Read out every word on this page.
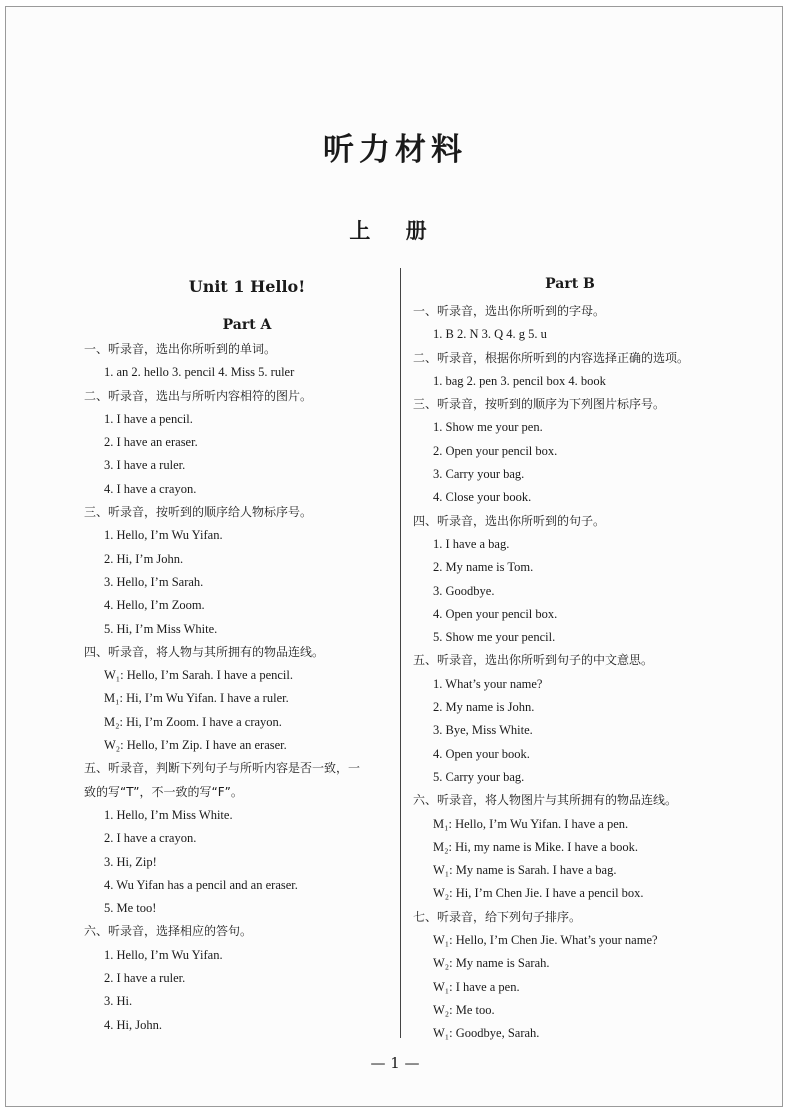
听力材料
上 册
Unit 1 Hello!
Part A
一、听录音，选出你所听到的单词。
1. an 2. hello 3. pencil 4. Miss 5. ruler
二、听录音，选出与所听内容相符的图片。
1. I have a pencil.
2. I have an eraser.
3. I have a ruler.
4. I have a crayon.
三、听录音，按听到的顺序给人物标序号。
1. Hello, I’m Wu Yifan.
2. Hi, I’m John.
3. Hello, I’m Sarah.
4. Hello, I’m Zoom.
5. Hi, I’m Miss White.
四、听录音，将人物与其所拥有的物品连线。
W₁: Hello, I’m Sarah. I have a pencil.
M₁: Hi, I’m Wu Yifan. I have a ruler.
M₂: Hi, I’m Zoom. I have a crayon.
W₂: Hello, I’m Zip. I have an eraser.
五、听录音，判断下列句子与所听内容是否一致，一
致的写“T”，不一致的写“F”。
1. Hello, I’m Miss White.
2. I have a crayon.
3. Hi, Zip!
4. Wu Yifan has a pencil and an eraser.
5. Me too!
六、听录音，选择相应的答句。
1. Hello, I’m Wu Yifan.
2. I have a ruler.
3. Hi.
4. Hi, John.
Part B
一、听录音，选出你所听到的字母。
1. B 2. N 3. Q 4. g 5. u
二、听录音，根据你所听到的内容选择正确的选项。
1. bag 2. pen 3. pencil box 4. book
三、听录音，按听到的顺序为下列图片标序号。
1. Show me your pen.
2. Open your pencil box.
3. Carry your bag.
4. Close your book.
四、听录音，选出你所听到的句子。
1. I have a bag.
2. My name is Tom.
3. Goodbye.
4. Open your pencil box.
5. Show me your pencil.
五、听录音，选出你所听到句子的中文意思。
1. What’s your name?
2. My name is John.
3. Bye, Miss White.
4. Open your book.
5. Carry your bag.
六、听录音，将人物图片与其所拥有的物品连线。
M₁: Hello, I’m Wu Yifan. I have a pen.
M₂: Hi, my name is Mike. I have a book.
W₁: My name is Sarah. I have a bag.
W₂: Hi, I’m Chen Jie. I have a pencil box.
七、听录音，给下列句子排序。
W₁: Hello, I’m Chen Jie. What’s your name?
W₂: My name is Sarah.
W₁: I have a pen.
W₂: Me too.
W₁: Goodbye, Sarah.
— 1 —
